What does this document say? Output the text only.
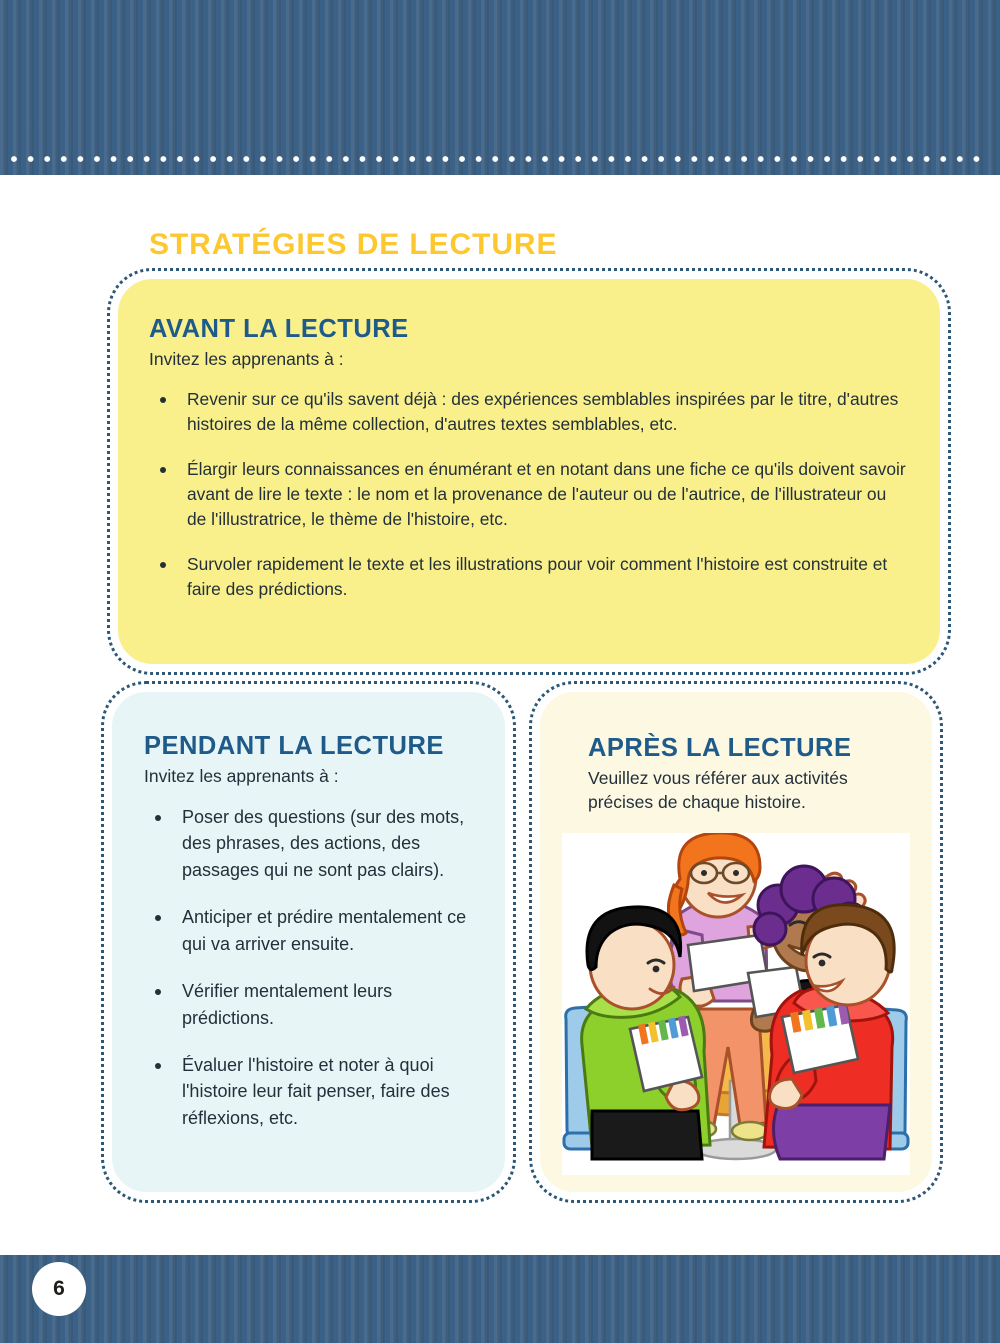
STRATÉGIES DE LECTURE
AVANT LA LECTURE
Invitez les apprenants à :
Revenir sur ce qu'ils savent déjà : des expériences semblables inspirées par le titre, d'autres histoires de la même collection, d'autres textes semblables, etc.
Élargir leurs connaissances en énumérant et en notant dans une fiche ce qu'ils doivent savoir avant de lire le texte : le nom et la provenance de l'auteur ou de l'autrice, de l'illustrateur ou de l'illustratrice, le thème de l'histoire, etc.
Survoler rapidement le texte et les illustrations pour voir comment l'histoire est construite et faire des prédictions.
PENDANT LA LECTURE
Invitez les apprenants à :
Poser des questions (sur des mots, des phrases, des actions, des passages qui ne sont pas clairs).
Anticiper et prédire mentalement ce qui va arriver ensuite.
Vérifier mentalement leurs prédictions.
Évaluer l'histoire et noter à quoi l'histoire leur fait penser, faire des réflexions, etc.
APRÈS LA LECTURE
Veuillez vous référer aux activités précises de chaque histoire.
6
